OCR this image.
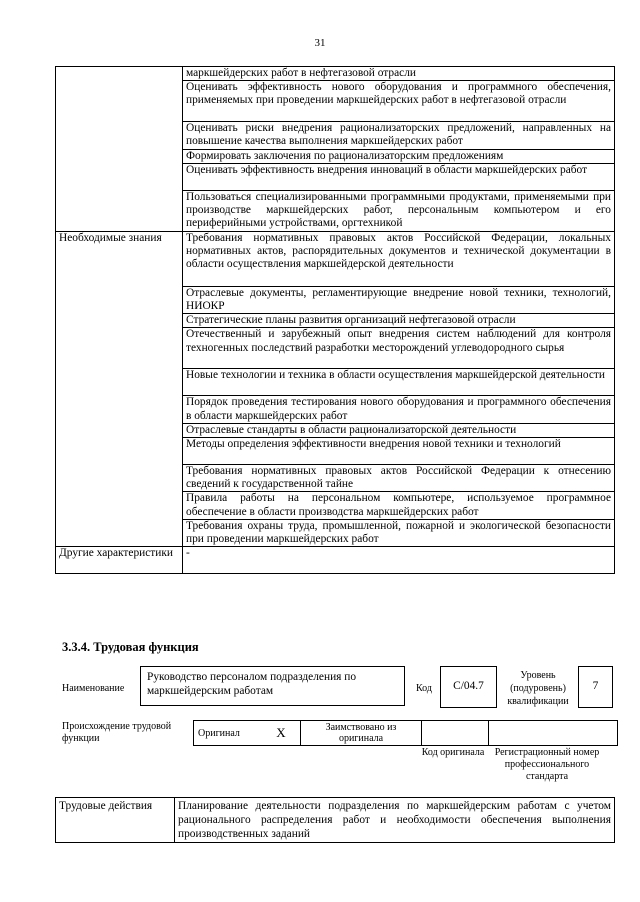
31
	маркшейдерских работ в нефтегазовой отрасли
	Оценивать эффективность нового оборудования и программного обеспечения, применяемых при проведении маркшейдерских работ в нефтегазовой отрасли
	Оценивать риски внедрения рационализаторских предложений, направленных на повышение качества выполнения маркшейдерских работ
	Формировать заключения по рационализаторским предложениям
	Оценивать эффективность внедрения инноваций в области маркшейдерских работ
	Пользоваться специализированными программными продуктами, применяемыми при производстве маркшейдерских работ, персональным компьютером и его периферийными устройствами, оргтехникой
Необходимые знания	Требования нормативных правовых актов Российской Федерации, локальных нормативных актов, распорядительных документов и технической документации в области осуществления маркшейдерской деятельности
	Отраслевые документы, регламентирующие внедрение новой техники, технологий, НИОКР
	Стратегические планы развития организаций нефтегазовой отрасли
	Отечественный и зарубежный опыт внедрения систем наблюдений для контроля техногенных последствий разработки месторождений углеводородного сырья
	Новые технологии и техника в области осуществления маркшейдерской деятельности
	Порядок проведения тестирования нового оборудования и программного обеспечения в области маркшейдерских работ
	Отраслевые стандарты в области рационализаторской деятельности
	Методы определения эффективности внедрения новой техники и технологий
	Требования нормативных правовых актов Российской Федерации к отнесению сведений к государственной тайне
	Правила работы на персональном компьютере, используемое программное обеспечение в области производства маркшейдерских работ
	Требования охраны труда, промышленной, пожарной и экологической безопасности при проведении маркшейдерских работ
Другие характеристики	-
3.3.4. Трудовая функция
Наименование
Руководство персоналом подразделения по маркшейдерским работам	Код C/04.7
Уровень (подуровень) квалификации
7
Происхождение трудовой функции	Оригинал	X	Заимствовано из оригинала		
Код оригинала	Регистрационный номер профессионального стандарта
Трудовые действия	Планирование деятельности подразделения по маркшейдерским работам с учетом рационального распределения работ и необходимости обеспечения выполнения производственных заданий
